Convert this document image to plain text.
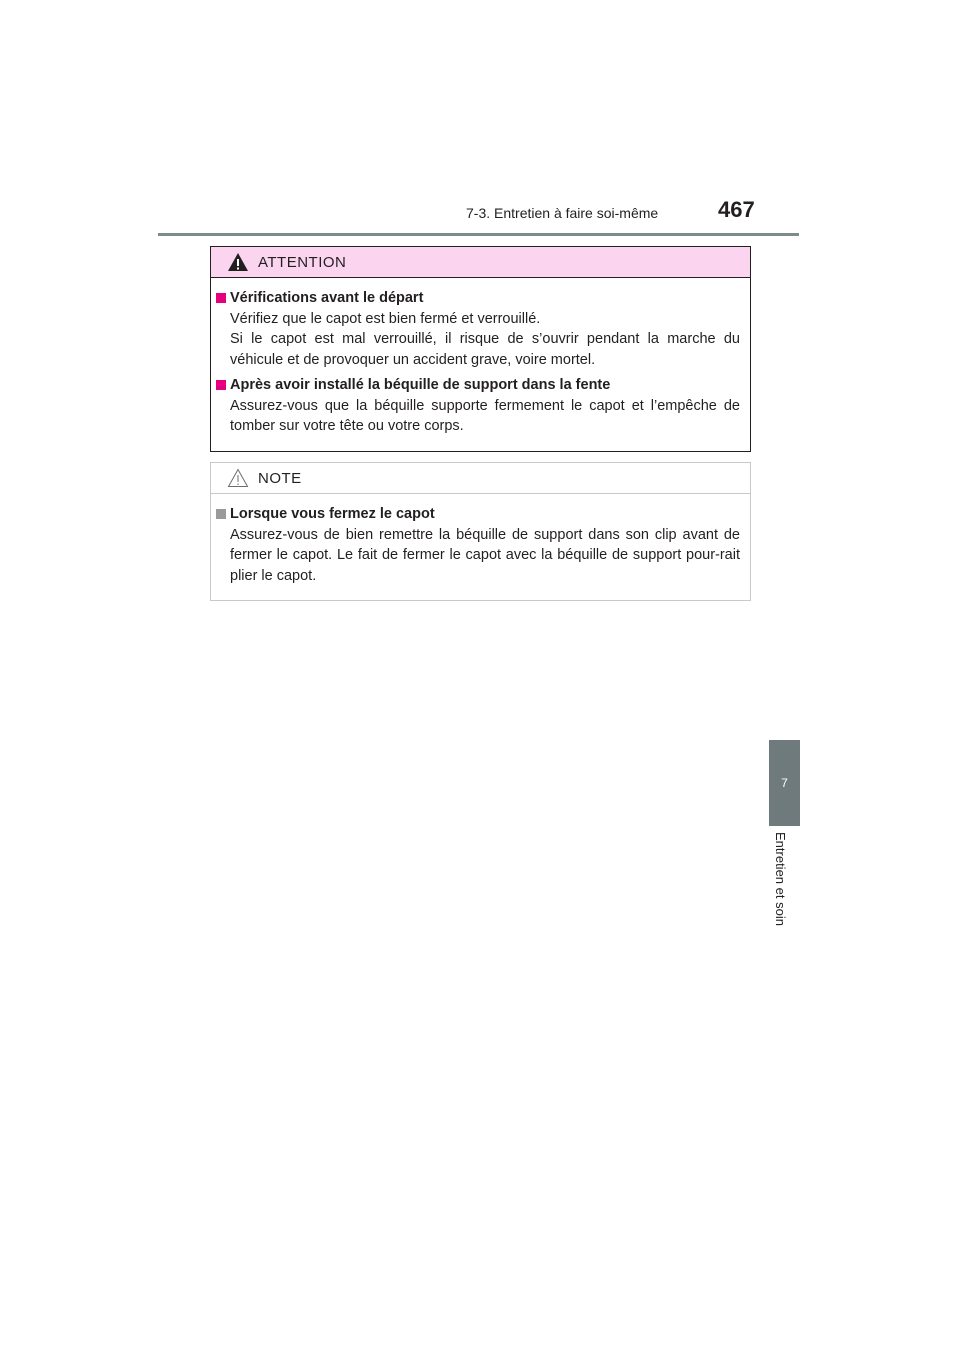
7-3. Entretien à faire soi-même	467
7
Entretien et soin
ATTENTION
Vérifications avant le départ

Vérifiez que le capot est bien fermé et verrouillé.

Si le capot est mal verrouillé, il risque de s’ouvrir pendant la marche du véhicule et de provoquer un accident grave, voire mortel.

Après avoir installé la béquille de support dans la fente

Assurez-vous que la béquille supporte fermement le capot et l’empêche de tomber sur votre tête ou votre corps.

NOTE
Lorsque vous fermez le capot

Assurez-vous de bien remettre la béquille de support dans son clip avant de fermer le capot. Le fait de fermer le capot avec la béquille de support pour-rait plier le capot.
